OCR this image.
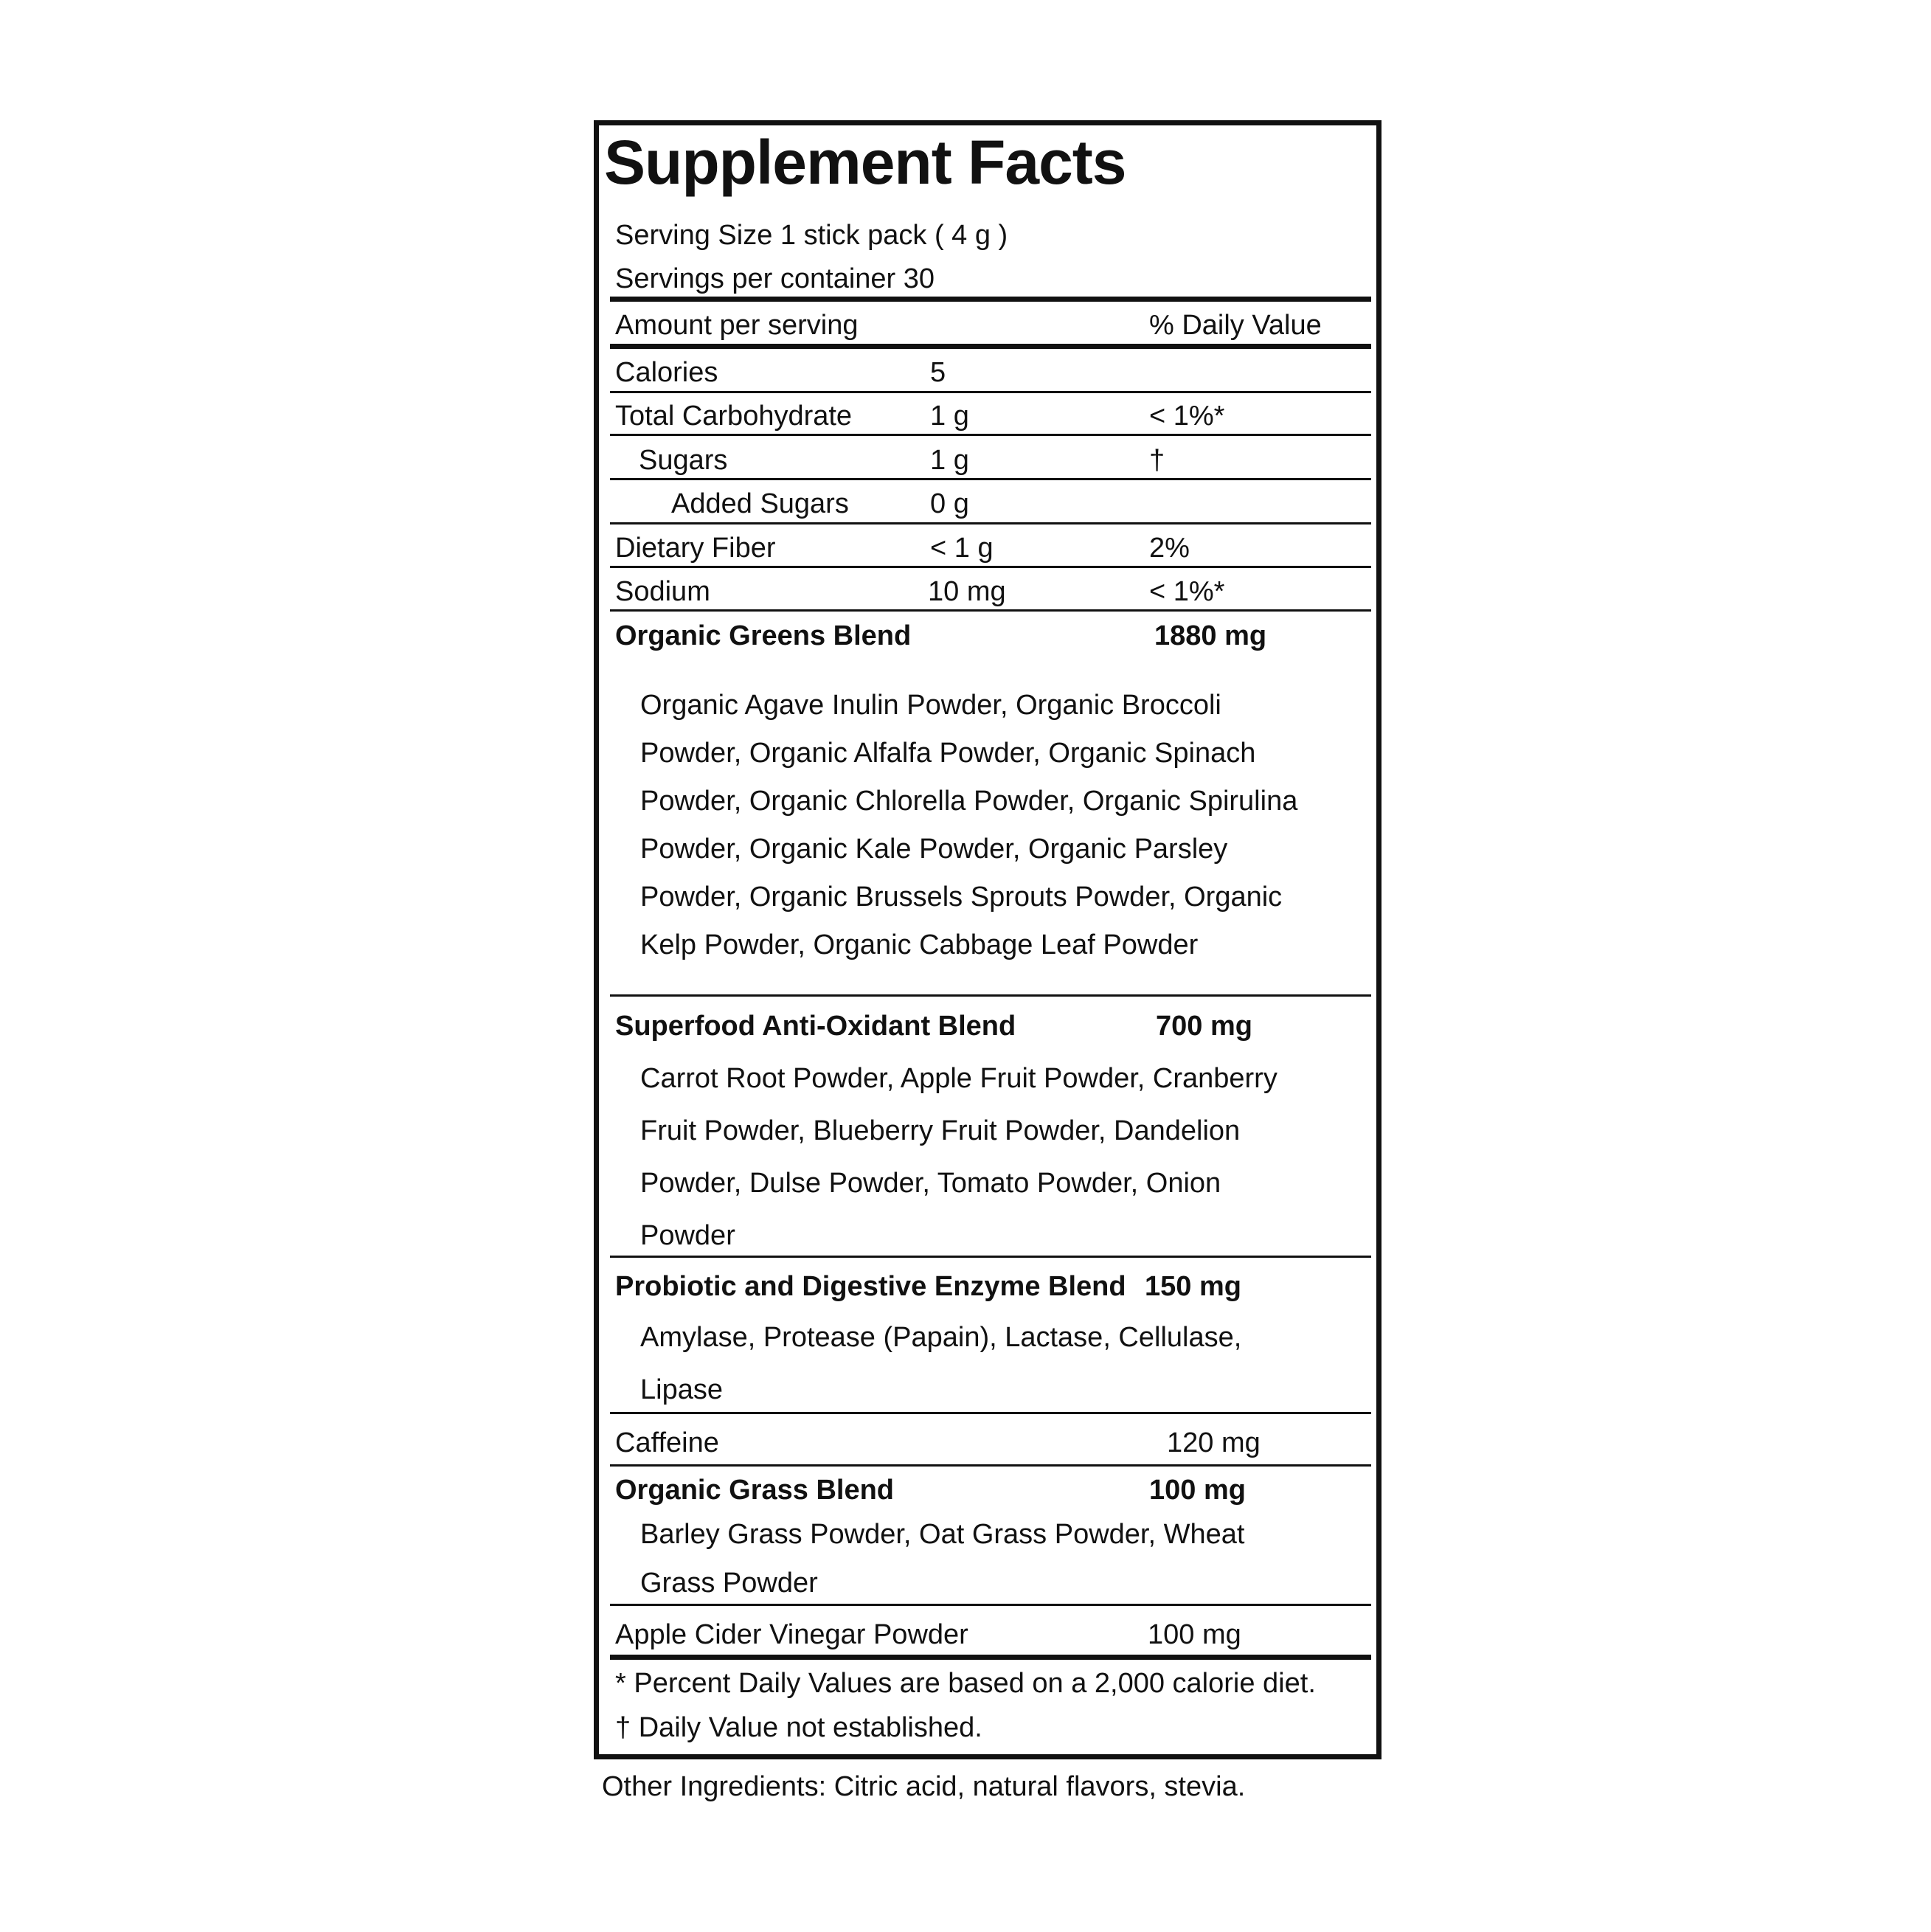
Supplement Facts
Serving Size 1 stick pack ( 4 g )
Servings per container 30
Amount per serving	% Daily Value
Calories	5
Total Carbohydrate	1 g	< 1%*
Sugars	1 g	†
Added Sugars	0 g
Dietary Fiber	< 1 g	2%
Sodium	10 mg	< 1%*
Organic Greens Blend	1880 mg
Organic Agave Inulin Powder, Organic Broccoli
Powder, Organic Alfalfa Powder, Organic Spinach
Powder, Organic Chlorella Powder, Organic Spirulina
Powder, Organic Kale Powder, Organic Parsley
Powder, Organic Brussels Sprouts Powder, Organic
Kelp Powder, Organic Cabbage Leaf Powder
Superfood Anti-Oxidant Blend	700 mg
Carrot Root Powder, Apple Fruit Powder, Cranberry
Fruit Powder, Blueberry Fruit Powder, Dandelion
Powder, Dulse Powder, Tomato Powder, Onion
Powder
Probiotic and Digestive Enzyme Blend 150 mg
Amylase, Protease (Papain), Lactase, Cellulase,
Lipase
Caffeine	120 mg
Organic Grass Blend	100 mg
Barley Grass Powder, Oat Grass Powder, Wheat
Grass Powder
Apple Cider Vinegar Powder	100 mg
* Percent Daily Values are based on a 2,000 calorie diet.
† Daily Value not established.
Other Ingredients: Citric acid, natural flavors, stevia.
